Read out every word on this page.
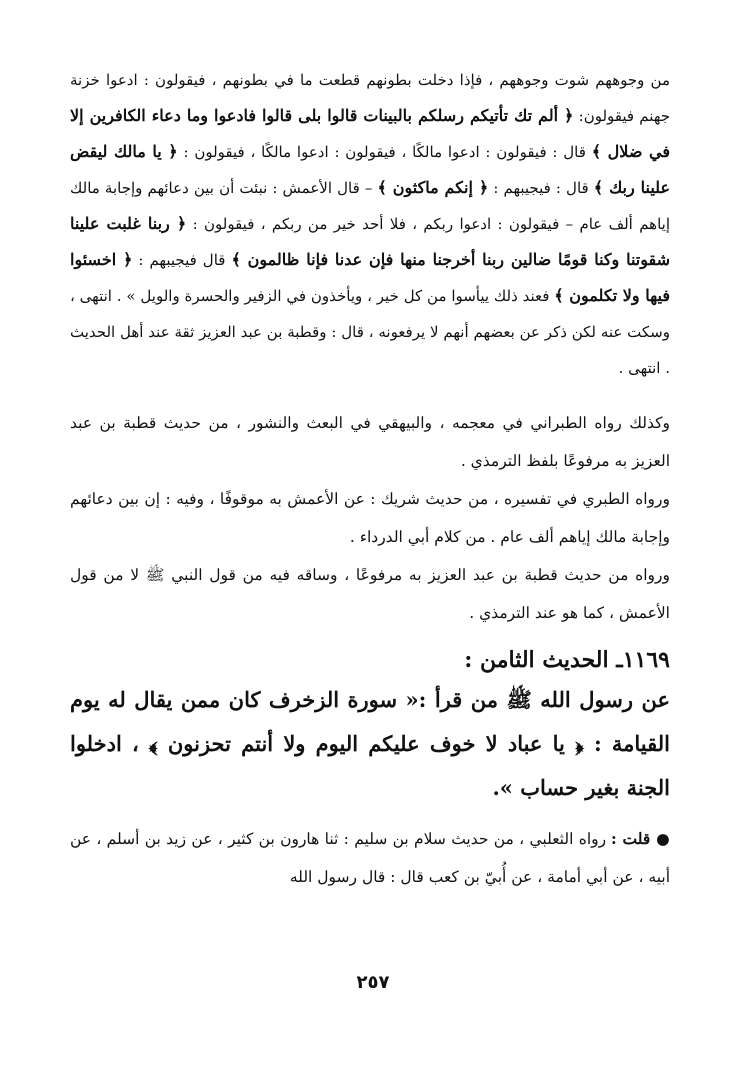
من وجوههم شوت وجوههم ، فإذا دخلت بطونهم قطعت ما في بطونهم ، فيقولون : ادعوا خزنة جهنم فيقولون: ﴿ ألم تك تأتيكم رسلكم بالبينات قالوا بلى قالوا فادعوا وما دعاء الكافرين إلا في ضلال ﴾ قال : فيقولون : ادعوا مالكًا ، فيقولون : ادعوا مالكًا ، فيقولون : ﴿ يا مالك ليقض علينا ربك ﴾ قال : فيجيبهم : ﴿ إنكم ماكثون ﴾ – قال الأعمش : نبئت أن بين دعائهم وإجابة مالك إياهم ألف عام – فيقولون : ادعوا ربكم ، فلا أحد خير من ربكم ، فيقولون : ﴿ ربنا غلبت علينا شقوتنا وكنا قومًا ضالين ربنا أخرجنا منها فإن عدنا فإنا ظالمون ﴾ قال فيجيبهم : ﴿ اخسئوا فيها ولا تكلمون ﴾ فعند ذلك ييأسوا من كل خير ، ويأخذون في الزفير والحسرة والويل » . انتهى ، وسكت عنه لكن ذكر عن بعضهم أنهم لا يرفعونه ، قال : وقطبة بن عبد العزيز ثقة عند أهل الحديث . انتهى .

وكذلك رواه الطبراني في معجمه ، والبيهقي في البعث والنشور ، من حديث قطبة بن عبد العزيز به مرفوعًا بلفظ الترمذي .

ورواه الطبري في تفسيره ، من حديث شريك : عن الأعمش به موقوفًا ، وفيه : إن بين دعائهم وإجابة مالك إياهم ألف عام . من كلام أبي الدرداء .

ورواه من حديث قطبة بن عبد العزيز به مرفوعًا ، وساقه فيه من قول النبي ﷺ لا من قول الأعمش ، كما هو عند الترمذي .

١١٦٩ـ الحديث الثامن :

عن رسول الله ﷺ من قرأ :« سورة الزخرف كان ممن يقال له يوم القيامة : ﴿ يا عباد لا خوف عليكم اليوم ولا أنتم تحزنون ﴾ ، ادخلوا الجنة بغير حساب ».

● قلت : رواه الثعلبي ، من حديث سلام بن سليم : ثنا هارون بن كثير ، عن زيد بن أسلم ، عن أبيه ، عن أبي أمامة ، عن أُبيّ بن كعب قال : قال رسول الله

٢٥٧
